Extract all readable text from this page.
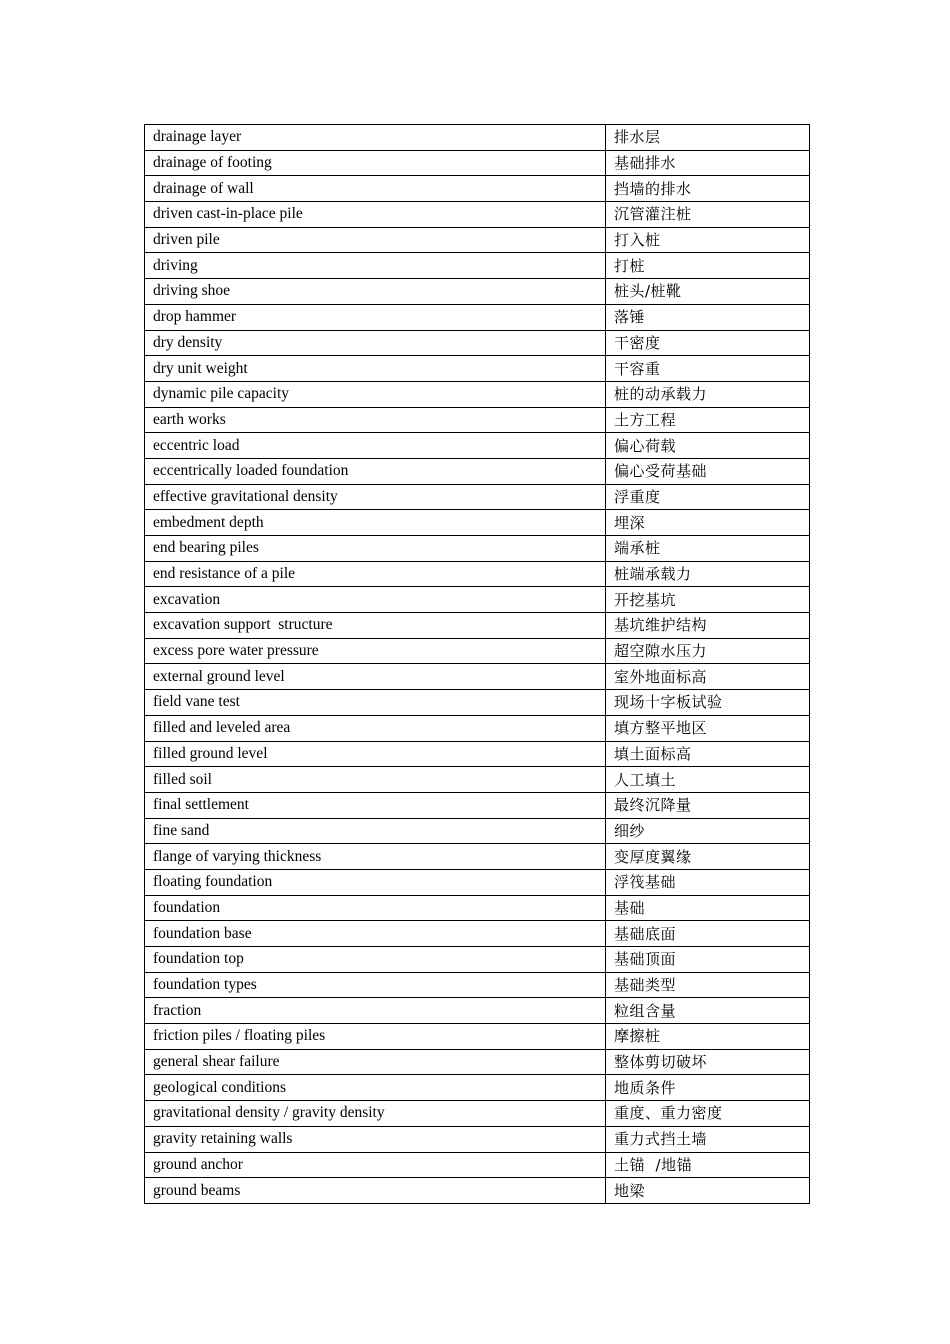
drainage layer	排水层
drainage of footing	基础排水
drainage of wall	挡墙的排水
driven cast-in-place pile	沉管灌注桩
driven pile	打入桩
driving	打桩
driving shoe	桩头/桩靴
drop hammer	落锤
dry density	干密度
dry unit weight	干容重
dynamic pile capacity	桩的动承载力
earth works	土方工程
eccentric load	偏心荷载
eccentrically loaded foundation	偏心受荷基础
effective gravitational density	浮重度
embedment depth	埋深
end bearing piles	端承桩
end resistance of a pile	桩端承载力
excavation	开挖基坑
excavation support  structure	基坑维护结构
excess pore water pressure	超空隙水压力
external ground level	室外地面标高
field vane test	现场十字板试验
filled and leveled area	填方整平地区
filled ground level	填土面标高
filled soil	人工填土
final settlement	最终沉降量
fine sand	细纱
flange of varying thickness	变厚度翼缘
floating foundation	浮筏基础
foundation	基础
foundation base	基础底面
foundation top	基础顶面
foundation types	基础类型
fraction	粒组含量
friction piles / floating piles	摩擦桩
general shear failure	整体剪切破坏
geological conditions	地质条件
gravitational density / gravity density	重度、重力密度
gravity retaining walls	重力式挡土墙
ground anchor	土锚  /地锚
ground beams	地梁
